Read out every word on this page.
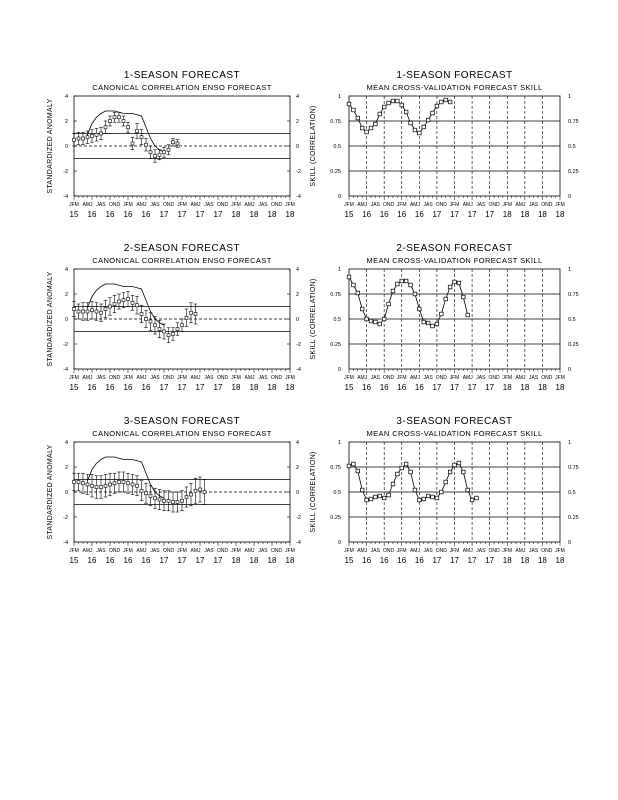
1-SEASON FORECAST
CANONICAL CORRELATION ENSO FORECAST
STANDARDIZED ANOMALY
4	4
2	2
0	0
-2	-2
-4	-4
JFM AMJ JAS OND JFM AMJ JAS OND JFM AMJ JAS OND JFM AMJ JAS OND JFM
15 16 16 16 16 17 17 17 17 18 18 18 18
1-SEASON FORECAST
MEAN CROSS-VALIDATION FORECAST SKILL
SKILL (CORRELATION)
1	1
0.75	0.75
0.5	0.5
0.25	0.25
0	0
JFM AMJ JAS OND JFM AMJ JAS OND JFM AMJ JAS OND JFM AMJ JAS OND JFM
15 16 16 16 16 17 17 17 17 18 18 18 18
2-SEASON FORECAST
CANONICAL CORRELATION ENSO FORECAST
STANDARDIZED ANOMALY
4	4
2	2
0	0
-2	-2
-4	-4
JFM AMJ JAS OND JFM AMJ JAS OND JFM AMJ JAS OND JFM AMJ JAS OND JFM
15 16 16 16 16 17 17 17 17 18 18 18 18
2-SEASON FORECAST
MEAN CROSS-VALIDATION FORECAST SKILL
SKILL (CORRELATION)
1	1
0.75	0.75
0.5	0.5
0.25	0.25
0	0
JFM AMJ JAS OND JFM AMJ JAS OND JFM AMJ JAS OND JFM AMJ JAS OND JFM
15 16 16 16 16 17 17 17 17 18 18 18 18
3-SEASON FORECAST
CANONICAL CORRELATION ENSO FORECAST
STANDARDIZED ANOMALY
4	4
2	2
0	0
-2	-2
-4	-4
JFM AMJ JAS OND JFM AMJ JAS OND JFM AMJ JAS OND JFM AMJ JAS OND JFM
15 16 16 16 16 17 17 17 17 18 18 18 18
3-SEASON FORECAST
MEAN CROSS-VALIDATION FORECAST SKILL
SKILL (CORRELATION)
1	1
0.75	0.75
0.5	0.5
0.25	0.25
0	0
JFM AMJ JAS OND JFM AMJ JAS OND JFM AMJ JAS OND JFM AMJ JAS OND JFM
15 16 16 16 16 17 17 17 17 18 18 18 18
